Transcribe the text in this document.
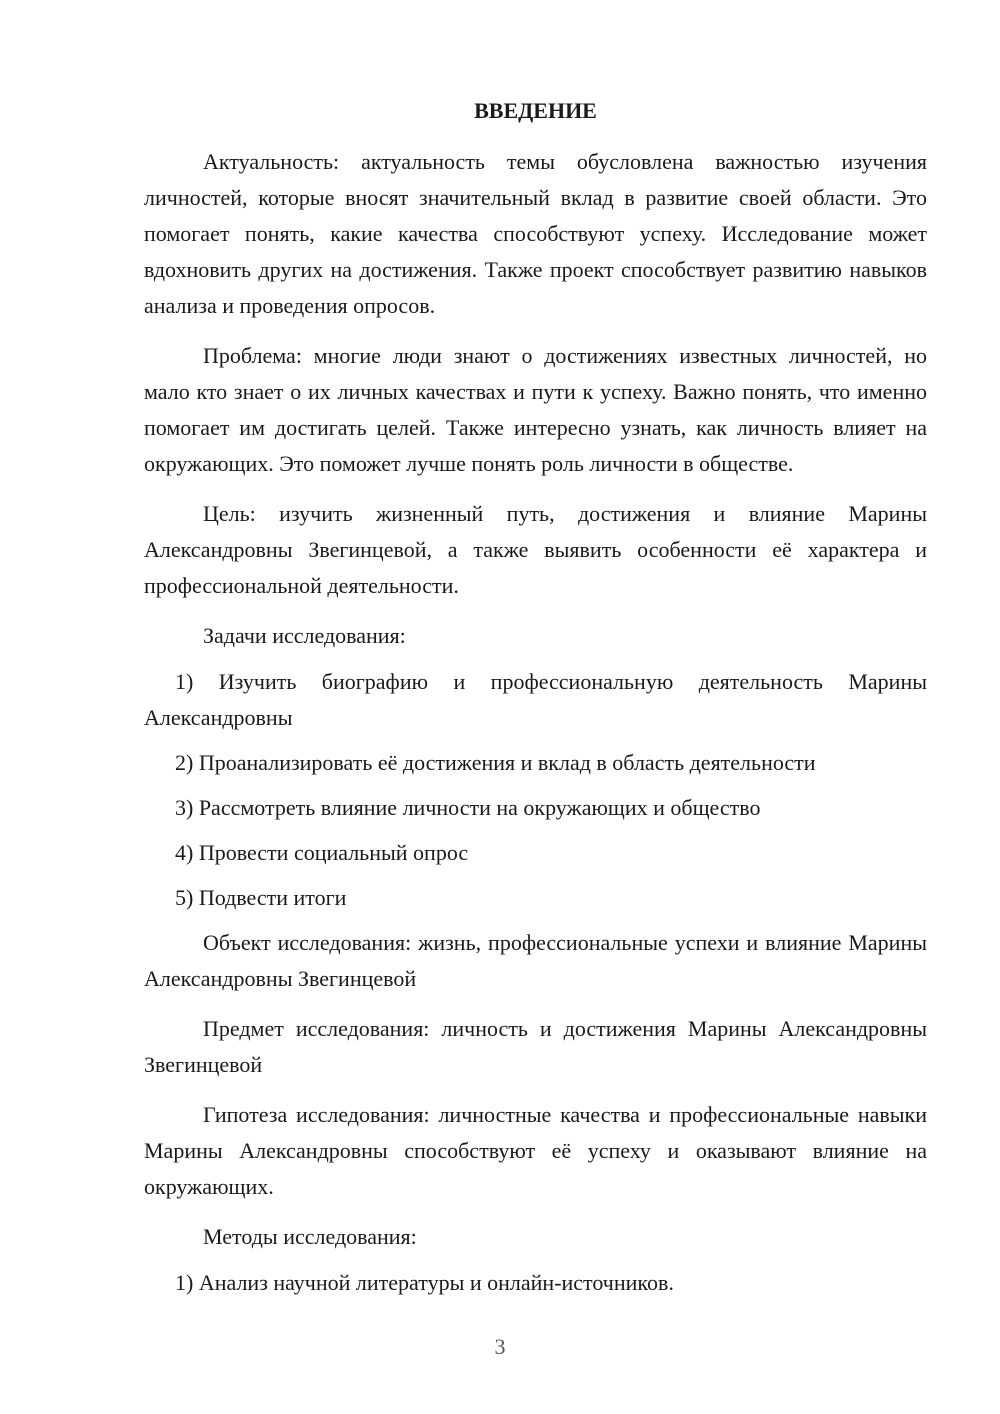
ВВЕДЕНИЕ

Актуальность: актуальность темы обусловлена важностью изучения личностей, которые вносят значительный вклад в развитие своей области. Это помогает понять, какие качества способствуют успеху. Исследование может вдохновить других на достижения. Также проект способствует развитию навыков анализа и проведения опросов.

Проблема: многие люди знают о достижениях известных личностей, но мало кто знает о их личных качествах и пути к успеху. Важно понять, что именно помогает им достигать целей. Также интересно узнать, как личность влияет на окружающих. Это поможет лучше понять роль личности в обществе.

Цель: изучить жизненный путь, достижения и влияние Марины Александровны Звегинцевой, а также выявить особенности её характера и профессиональной деятельности.

Задачи исследования:

1) Изучить биографию и профессиональную деятельность Марины Александровны

2) Проанализировать её достижения и вклад в область деятельности

3) Рассмотреть влияние личности на окружающих и общество

4) Провести социальный опрос

5) Подвести итоги

Объект исследования: жизнь, профессиональные успехи и влияние Марины Александровны Звегинцевой

Предмет исследования: личность и достижения Марины Александровны Звегинцевой

Гипотеза исследования: личностные качества и профессиональные навыки Марины Александровны способствуют её успеху и оказывают влияние на окружающих.

Методы исследования:

1) Анализ научной литературы и онлайн-источников.

3
